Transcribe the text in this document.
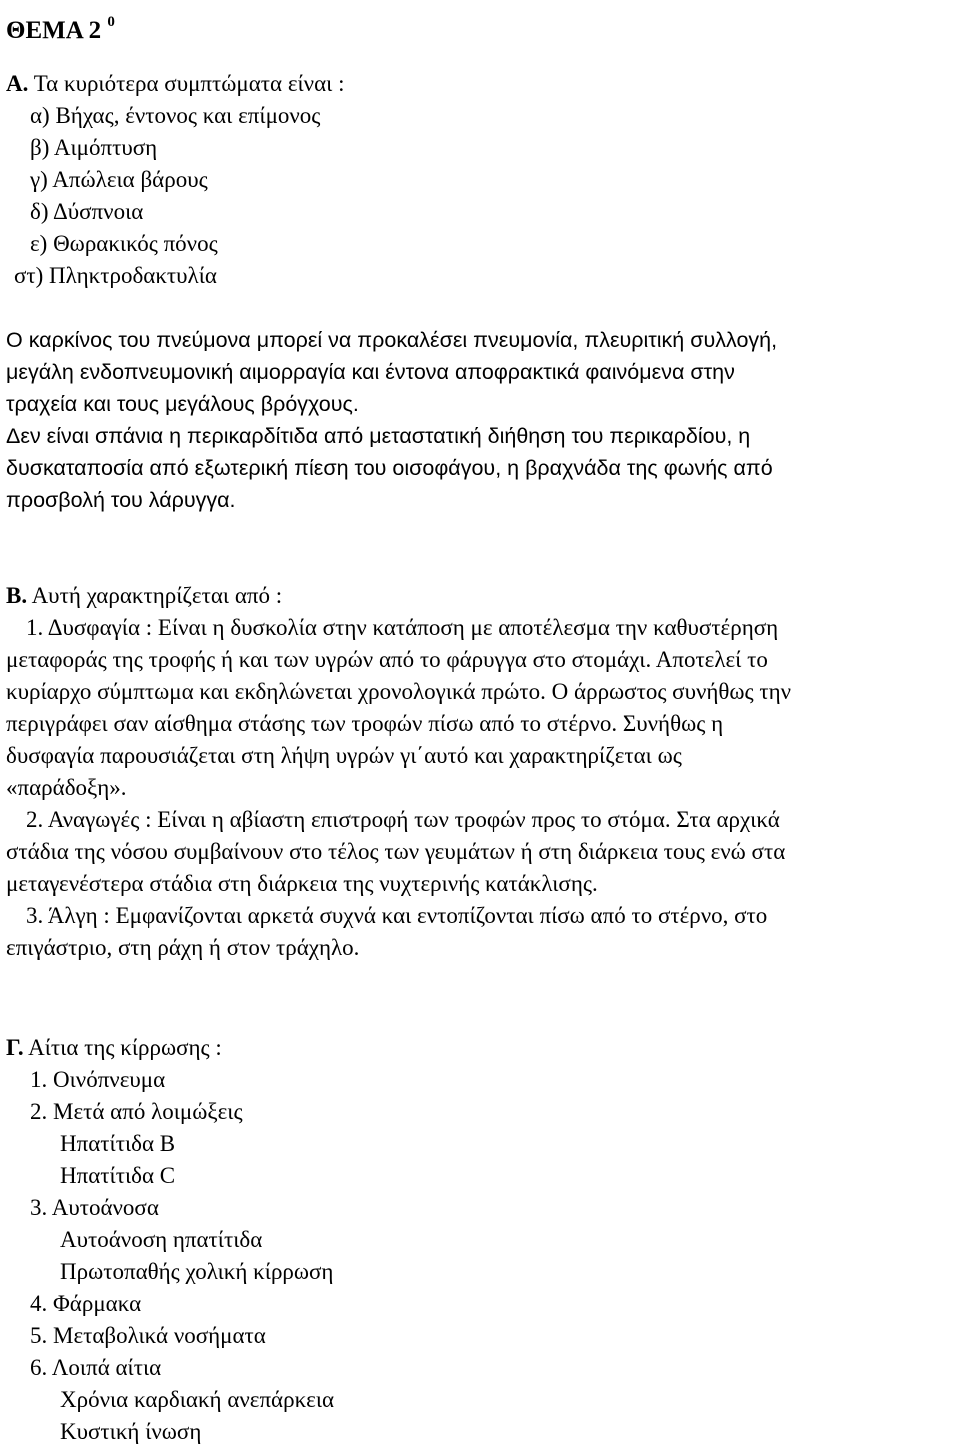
ΘΕΜΑ 2 $^0$
Α. Τα κυριότερα συμπτώματα είναι :
α) Βήχας, έντονος και επίμονος
β) Αιμόπτυση
γ) Απώλεια βάρους
δ) Δύσπνοια
ε) Θωρακικός πόνος
στ) Πληκτροδακτυλία
Ο καρκίνος του πνεύμονα μπορεί να προκαλέσει πνευμονία, πλευριτική συλλογή,
μεγάλη ενδοπνευμονική αιμορραγία και έντονα αποφρακτικά φαινόμενα στην
τραχεία και τους μεγάλους βρόγχους.
Δεν είναι σπάνια η περικαρδίτιδα από μεταστατική διήθηση του περικαρδίου, η
δυσκαταποσία από εξωτερική πίεση του οισοφάγου, η βραχνάδα της φωνής από
προσβολή του λάρυγγα.
Β. Αυτή χαρακτηρίζεται από :
1. Δυσφαγία : Είναι η δυσκολία στην κατάποση με αποτέλεσμα την καθυστέρηση
μεταφοράς της τροφής ή και των υγρών από το φάρυγγα στο στομάχι. Αποτελεί το
κυρίαρχο σύμπτωμα και εκδηλώνεται χρονολογικά πρώτο. Ο άρρωστος συνήθως την
περιγράφει σαν αίσθημα στάσης των τροφών πίσω από το στέρνο. Συνήθως η
δυσφαγία παρουσιάζεται στη λήψη υγρών γι΄αυτό και χαρακτηρίζεται ως
«παράδοξη».
2. Αναγωγές : Είναι η αβίαστη επιστροφή των τροφών προς το στόμα. Στα αρχικά
στάδια της νόσου συμβαίνουν στο τέλος των γευμάτων ή στη διάρκεια τους ενώ στα
μεταγενέστερα στάδια στη διάρκεια της νυχτερινής κατάκλισης.
3. Άλγη : Εμφανίζονται αρκετά συχνά και εντοπίζονται πίσω από το στέρνο, στο
επιγάστριο, στη ράχη ή στον τράχηλο.
Γ. Αίτια της κίρρωσης :
1. Οινόπνευμα
2. Μετά από λοιμώξεις
Ηπατίτιδα Β
Ηπατίτιδα C
3. Αυτοάνοσα
Αυτοάνοση ηπατίτιδα
Πρωτοπαθής χολική κίρρωση
4. Φάρμακα
5. Μεταβολικά νοσήματα
6. Λοιπά αίτια
Χρόνια καρδιακή ανεπάρκεια
Κυστική ίνωση
